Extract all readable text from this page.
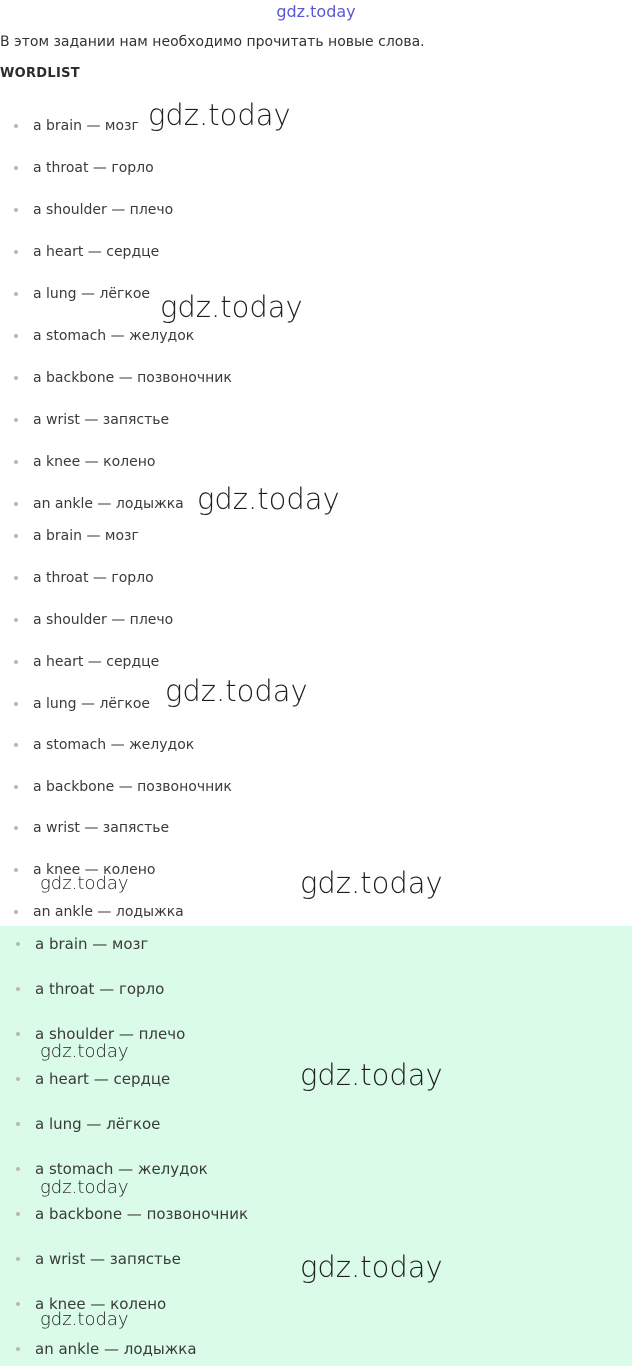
gdz.today
В этом задании нам необходимо прочитать новые слова.
WORDLIST
a brain — мозг
a throat — горло
a shoulder — плечо
a heart — сердце
a lung — лёгкое
a stomach — желудок
a backbone — позвоночник
a wrist — запястье
a knee — колено
an ankle — лодыжка
a brain — мозг
a throat — горло
a shoulder — плечо
a heart — сердце
a lung — лёгкое
a stomach — желудок
a backbone — позвоночник
a wrist — запястье
a knee — колено
an ankle — лодыжка
a brain — мозг
a throat — горло
a shoulder — плечо
a heart — сердце
a lung — лёгкое
a stomach — желудок
a backbone — позвоночник
a wrist — запястье
a knee — колено
an ankle — лодыжка
gdz.today
gdz.today
gdz.today
gdz.today
gdz.today
gdz.today
gdz.today
gdz.today
gdz.today
gdz.today
gdz.today
